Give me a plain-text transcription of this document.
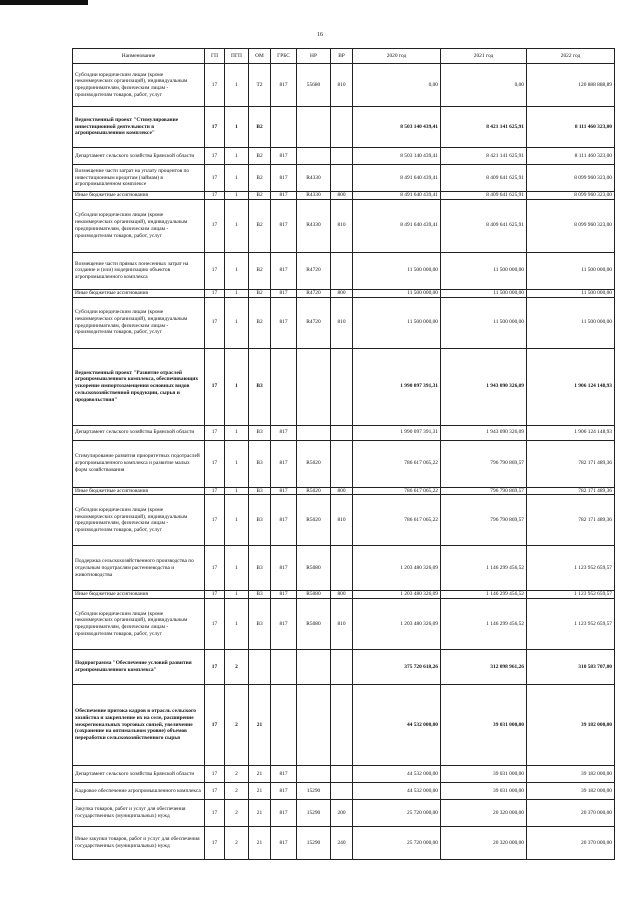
16
Наименование	ГП	ПГП	ОМ	ГРБС	НР	ВР	2020 год	2021 год	2022 год
Субсидии юридическим лицам (кроме некоммерческих организаций), индивидуальным предпринимателям, физическим лицам - производителям товаров, работ, услуг	17	1	Т2	817	55680	810	0,00	0,00	120 888 888,89
Ведомственный проект "Стимулирование инвестиционной деятельности в агропромышленном комплексе"	17	1	В2				8 503 140 439,41	8 421 141 625,91	8 111 460 323,00
Департамент сельского хозяйства Брянской области	17	1	В2	817			8 503 140 439,41	8 421 141 625,91	8 111 460 323,00
Возмещение части затрат на уплату процентов по инвестиционным кредитам (займам) в агропромышленном комплексе	17	1	В2	817	R4330		8 491 640 439,41	8 409 641 625,91	8 099 960 323,00
Иные бюджетные ассигнования	17	1	В2	817	R4330	800	8 491 640 439,41	8 409 641 625,91	8 099 960 323,00
Субсидии юридическим лицам (кроме некоммерческих организаций), индивидуальным предпринимателям, физическим лицам - производителям товаров, работ, услуг	17	1	В2	817	R4330	810	8 491 640 439,41	8 409 641 625,91	8 099 960 323,00
Возмещение части прямых понесенных затрат на создание и (или) модернизацию объектов агропромышленного комплекса	17	1	В2	817	R4720		11 500 000,00	11 500 000,00	11 500 000,00
Иные бюджетные ассигнования	17	1	В2	817	R4720	800	11 500 000,00	11 500 000,00	11 500 000,00
Субсидии юридическим лицам (кроме некоммерческих организаций), индивидуальным предпринимателям, физическим лицам - производителям товаров, работ, услуг	17	1	В2	817	R4720	810	11 500 000,00	11 500 000,00	11 500 000,00
Ведомственный проект "Развитие отраслей агропромышленного комплекса, обеспечивающих ускорение импортозамещения основных видов сельскохозяйственной продукции, сырья и продовольствия"	17	1	В3				1 990 097 391,31	1 943 090 326,09	1 906 124 148,93
Департамент сельского хозяйства Брянской области	17	1	В3	817			1 990 097 391,31	1 943 090 326,09	1 906 124 148,93
Стимулирование развития приоритетных подотраслей агропромышленного комплекса и развитие малых форм хозяйствования	17	1	В3	817	R5020		786 617 065,22	796 790 869,57	782 171 489,36
Иные бюджетные ассигнования	17	1	В3	817	R5020	800	786 617 065,22	796 790 869,57	782 171 489,36
Субсидии юридическим лицам (кроме некоммерческих организаций), индивидуальным предпринимателям, физическим лицам - производителям товаров, работ, услуг	17	1	В3	817	R5020	810	786 617 065,22	796 790 869,57	782 171 489,36
Поддержка сельскохозяйственного производства по отдельным подотраслям растениеводства и животноводства	17	1	В3	817	R5080		1 203 480 326,09	1 146 299 456,52	1 123 952 659,57
Иные бюджетные ассигнования	17	1	В3	817	R5080	800	1 203 480 326,09	1 146 299 456,52	1 123 952 659,57
Субсидии юридическим лицам (кроме некоммерческих организаций), индивидуальным предпринимателям, физическим лицам - производителям товаров, работ, услуг	17	1	В3	817	R5080	810	1 203 480 326,09	1 146 299 456,52	1 123 952 659,57
Подпрограмма "Обеспечение условий развития агропромышленного комплекса"	17	2					375 720 618,26	312 098 961,26	310 583 707,00
Обеспечение притока кадров в отрасль сельского хозяйства и закрепление их на селе, расширение межрегиональных торговых связей, увеличение (сохранение на оптимальном уровне) объемов переработки сельскохозяйственного сырья	17	2	21				44 532 000,00	39 031 000,00	39 182 000,00
Департамент сельского хозяйства Брянской области	17	2	21	817			44 532 000,00	39 031 000,00	39 182 000,00
Кадровое обеспечение агропромышленного комплекса	17	2	21	817	15290		44 532 000,00	39 031 000,00	39 182 000,00
Закупка товаров, работ и услуг для обеспечения государственных (муниципальных) нужд	17	2	21	817	15290	200	25 720 000,00	20 320 000,00	20 370 000,00
Иные закупки товаров, работ и услуг для обеспечения государственных (муниципальных) нужд	17	2	21	817	15290	240	25 720 000,00	20 320 000,00	20 370 000,00
